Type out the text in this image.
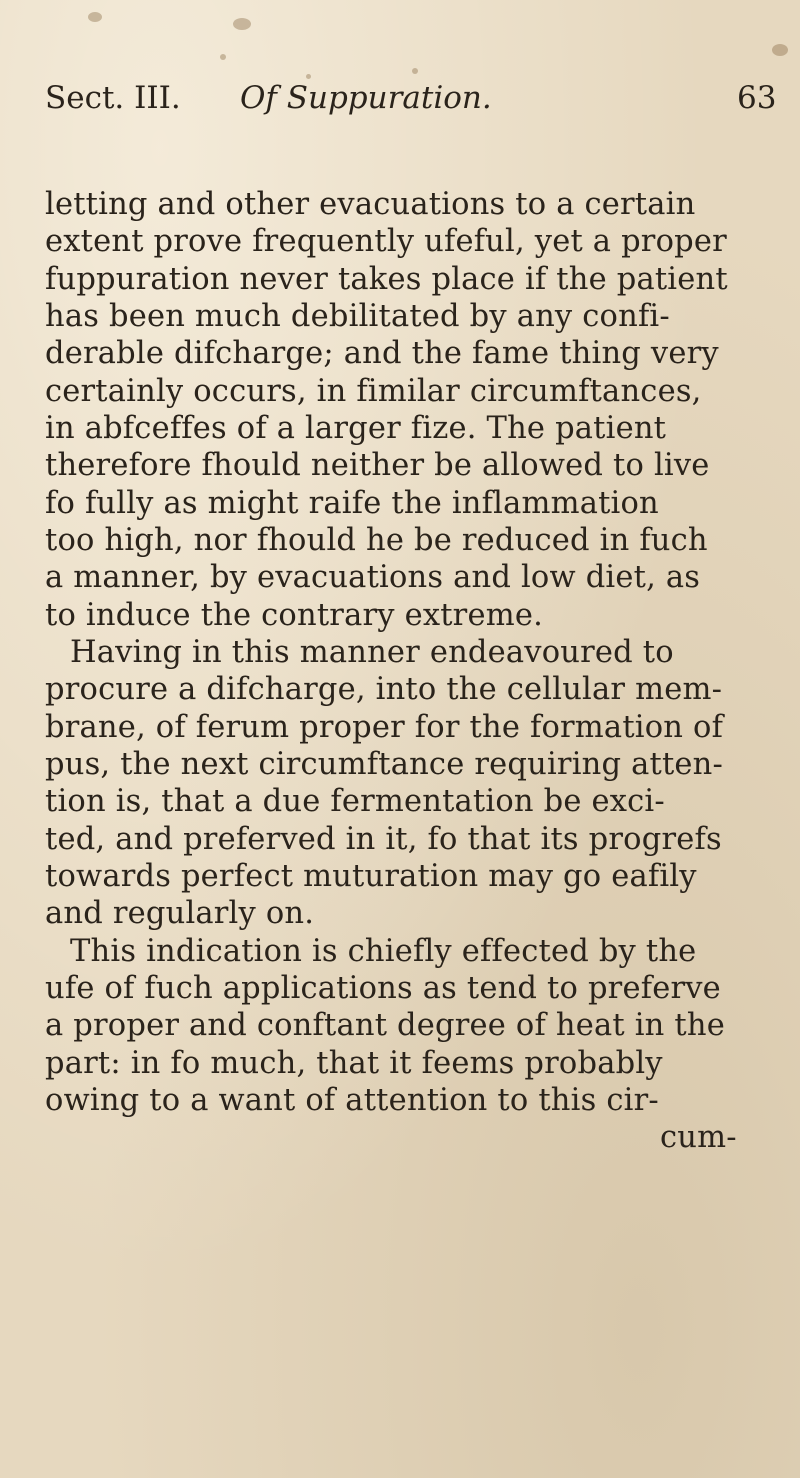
Sect. III. Of Suppuration.	63
letting and other evacuations to a certain
extent prove frequently ufeful, yet a proper
fuppuration never takes place if the patient
has been much debilitated by any confi-
derable difcharge; and the fame thing very
certainly occurs, in fimilar circumftances,
in abfceffes of a larger fize. The patient
therefore fhould neither be allowed to live
fo fully as might raife the inflammation
too high, nor fhould he be reduced in fuch
a manner, by evacuations and low diet, as
to induce the contrary extreme.
Having in this manner endeavoured to
procure a difcharge, into the cellular mem-
brane, of ferum proper for the formation of
pus, the next circumftance requiring atten-
tion is, that a due fermentation be exci-
ted, and preferved in it, fo that its progrefs
towards perfect muturation may go eafily
and regularly on.
This indication is chiefly effected by the
ufe of fuch applications as tend to preferve
a proper and conftant degree of heat in the
part: in fo much, that it feems probably
owing to a want of attention to this cir-
cum-
